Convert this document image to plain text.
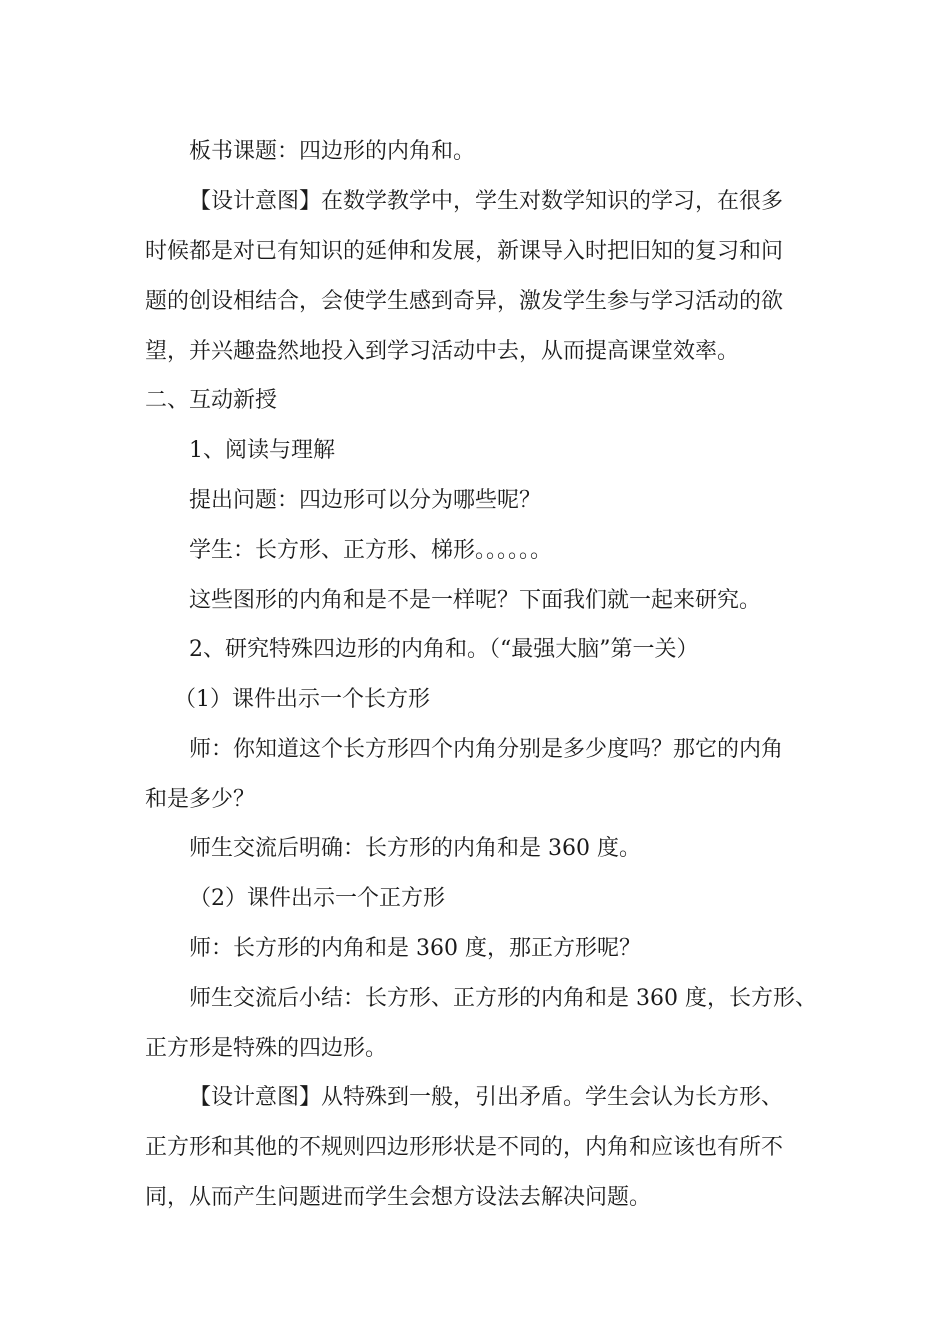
板书课题：四边形的内角和。
【设计意图】在数学教学中，学生对数学知识的学习，在很多
时候都是对已有知识的延伸和发展，新课导入时把旧知的复习和问
题的创设相结合，会使学生感到奇异，激发学生参与学习活动的欲
望，并兴趣盎然地投入到学习活动中去，从而提高课堂效率。
二、互动新授
1、阅读与理解
提出问题：四边形可以分为哪些呢？
学生：长方形、正方形、梯形。。。。。。
这些图形的内角和是不是一样呢？下面我们就一起来研究。
2、研究特殊四边形的内角和。（“最强大脑”第一关）
（1）课件出示一个长方形
师：你知道这个长方形四个内角分别是多少度吗？那它的内角
和是多少？
师生交流后明确：长方形的内角和是 360 度。
（2）课件出示一个正方形
师：长方形的内角和是 360 度，那正方形呢？
师生交流后小结：长方形、正方形的内角和是 360 度，长方形、
正方形是特殊的四边形。
【设计意图】从特殊到一般，引出矛盾。学生会认为长方形、
正方形和其他的不规则四边形形状是不同的，内角和应该也有所不
同，从而产生问题进而学生会想方设法去解决问题。
